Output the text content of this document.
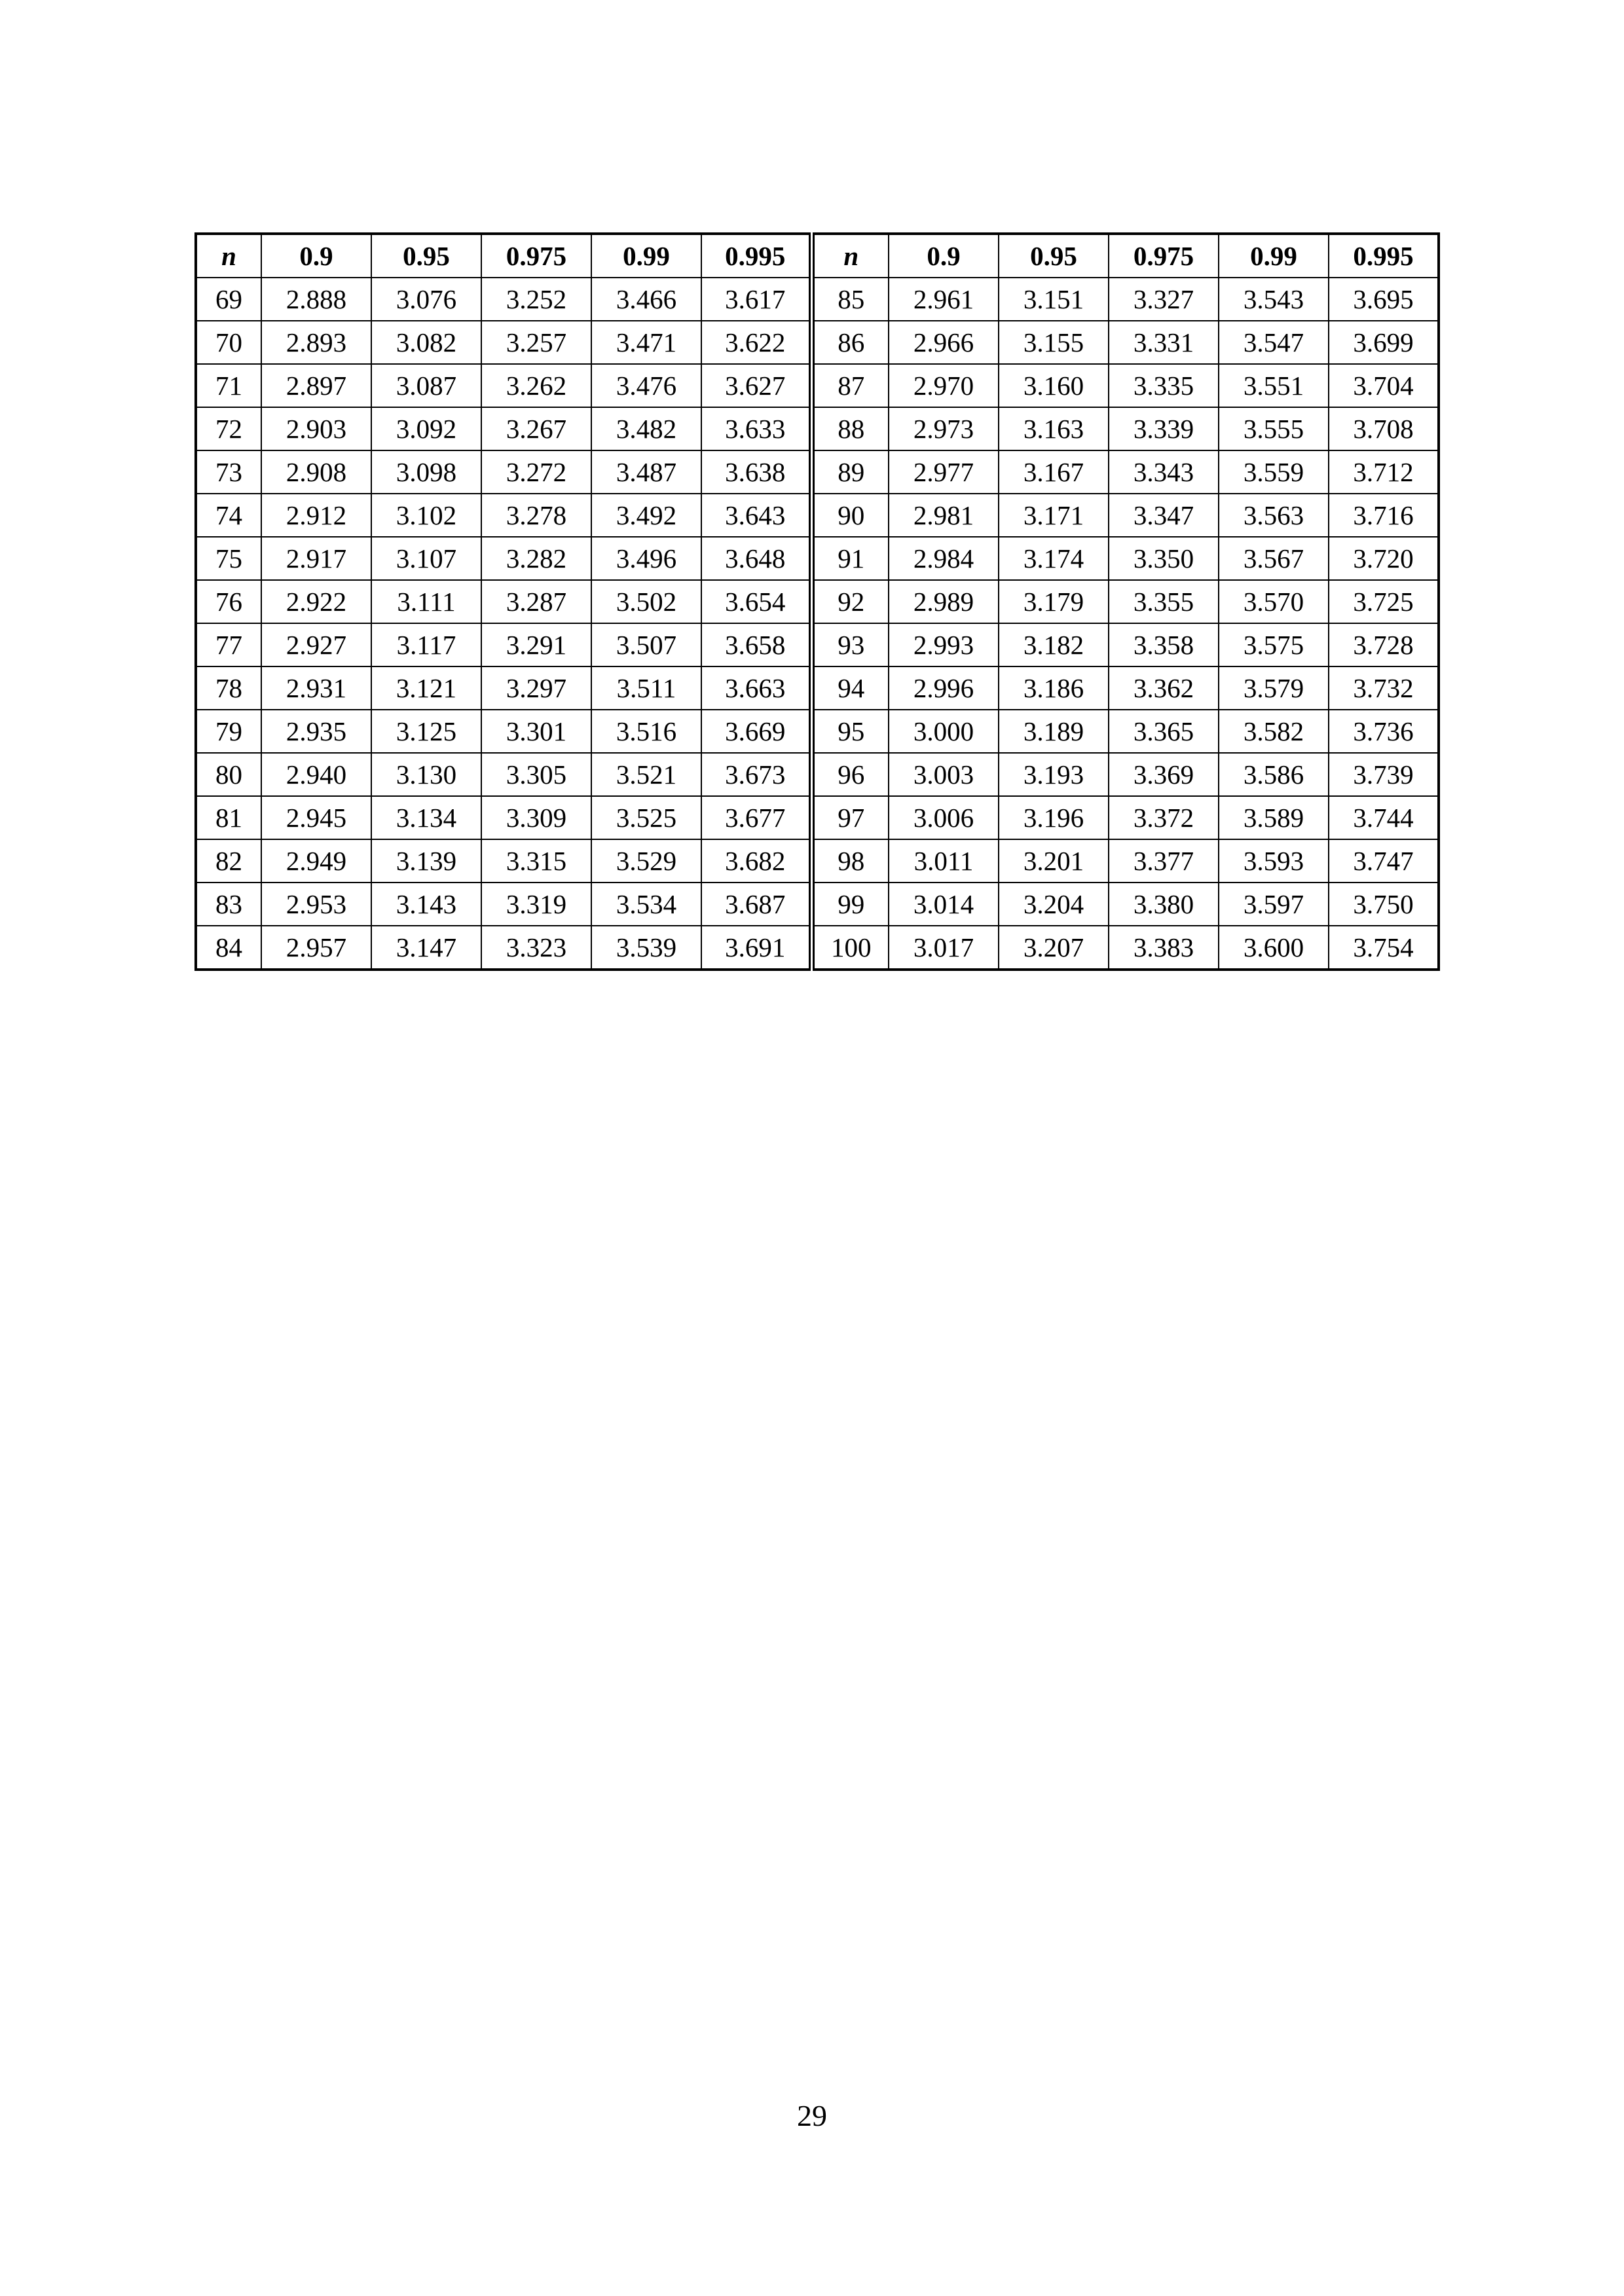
n	0.9	0.95	0.975	0.99	0.995	n	0.9	0.95	0.975	0.99	0.995
69	2.888	3.076	3.252	3.466	3.617	85	2.961	3.151	3.327	3.543	3.695
70	2.893	3.082	3.257	3.471	3.622	86	2.966	3.155	3.331	3.547	3.699
71	2.897	3.087	3.262	3.476	3.627	87	2.970	3.160	3.335	3.551	3.704
72	2.903	3.092	3.267	3.482	3.633	88	2.973	3.163	3.339	3.555	3.708
73	2.908	3.098	3.272	3.487	3.638	89	2.977	3.167	3.343	3.559	3.712
74	2.912	3.102	3.278	3.492	3.643	90	2.981	3.171	3.347	3.563	3.716
75	2.917	3.107	3.282	3.496	3.648	91	2.984	3.174	3.350	3.567	3.720
76	2.922	3.111	3.287	3.502	3.654	92	2.989	3.179	3.355	3.570	3.725
77	2.927	3.117	3.291	3.507	3.658	93	2.993	3.182	3.358	3.575	3.728
78	2.931	3.121	3.297	3.511	3.663	94	2.996	3.186	3.362	3.579	3.732
79	2.935	3.125	3.301	3.516	3.669	95	3.000	3.189	3.365	3.582	3.736
80	2.940	3.130	3.305	3.521	3.673	96	3.003	3.193	3.369	3.586	3.739
81	2.945	3.134	3.309	3.525	3.677	97	3.006	3.196	3.372	3.589	3.744
82	2.949	3.139	3.315	3.529	3.682	98	3.011	3.201	3.377	3.593	3.747
83	2.953	3.143	3.319	3.534	3.687	99	3.014	3.204	3.380	3.597	3.750
84	2.957	3.147	3.323	3.539	3.691	100	3.017	3.207	3.383	3.600	3.754
29
